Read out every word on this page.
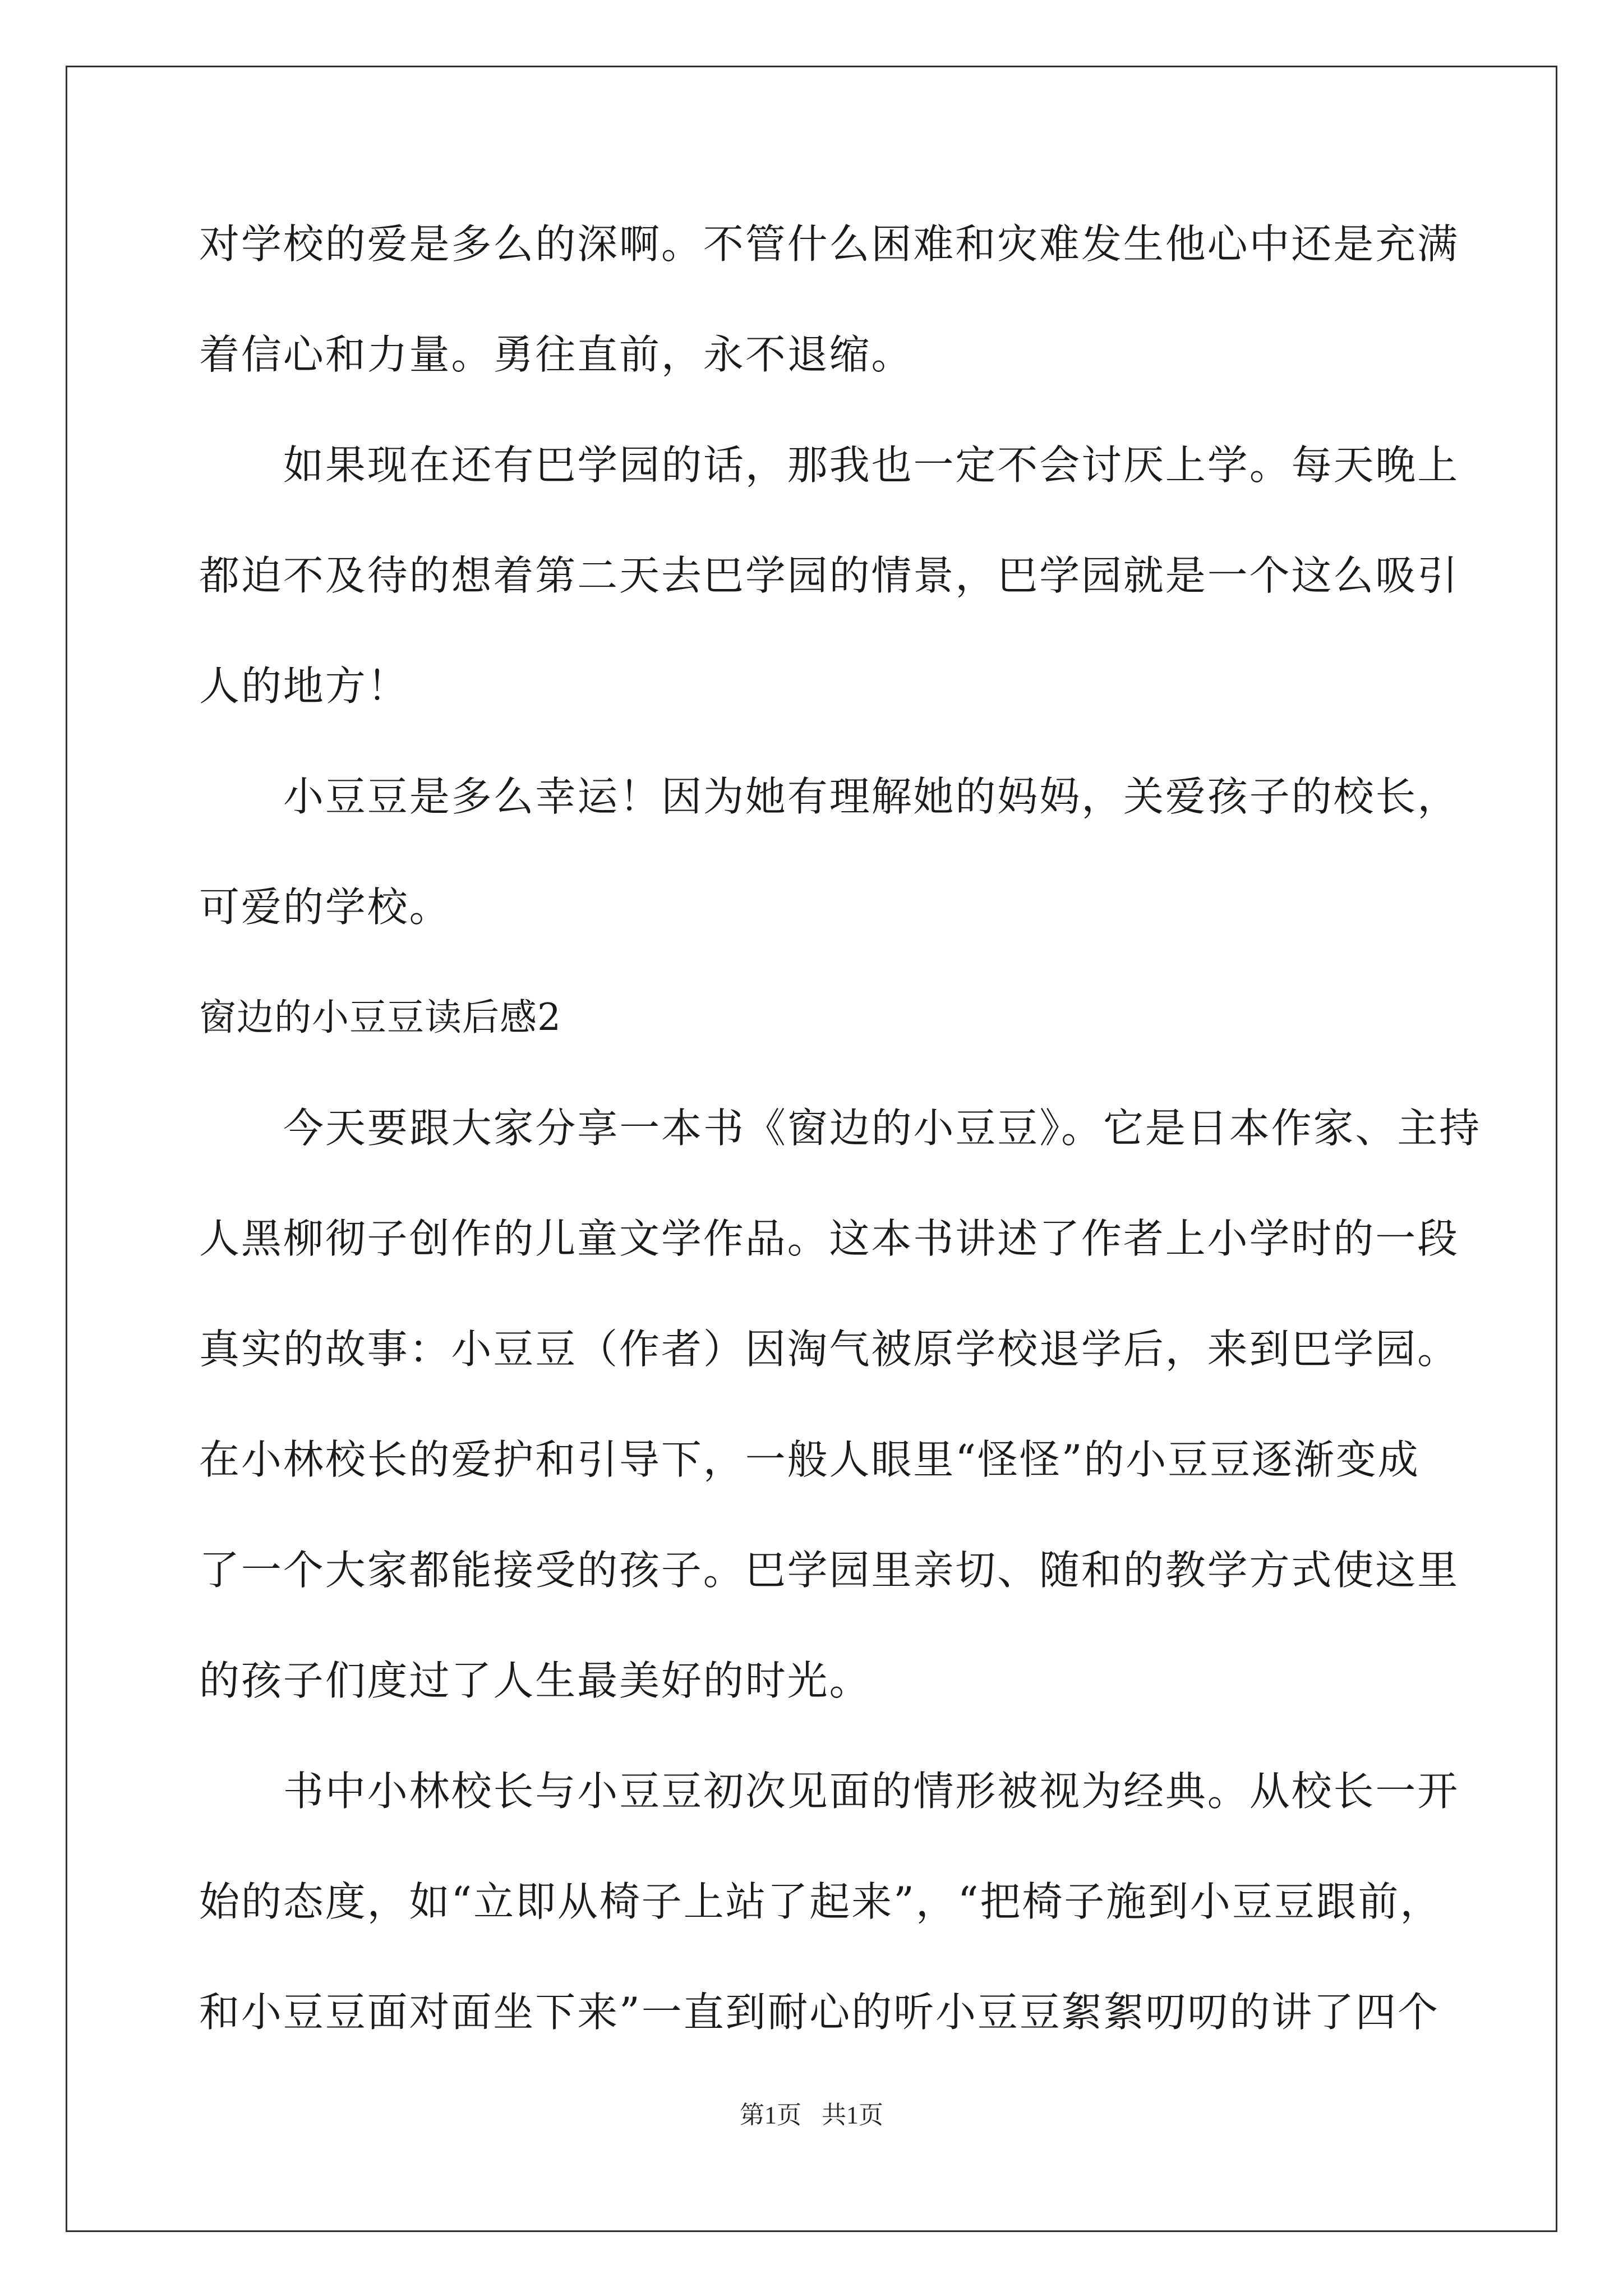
对学校的爱是多么的深啊。不管什么困难和灾难发生他心中还是充满

着信心和力量。勇往直前，永不退缩。

如果现在还有巴学园的话，那我也一定不会讨厌上学。每天晚上

都迫不及待的想着第二天去巴学园的情景，巴学园就是一个这么吸引

人的地方！

小豆豆是多么幸运！因为她有理解她的妈妈，关爱孩子的校长，

可爱的学校。

窗边的小豆豆读后感2

今天要跟大家分享一本书《窗边的小豆豆》。它是日本作家、主持

人黑柳彻子创作的儿童文学作品。这本书讲述了作者上小学时的一段

真实的故事：小豆豆（作者）因淘气被原学校退学后，来到巴学园。

在小林校长的爱护和引导下，一般人眼里“怪怪”的小豆豆逐渐变成

了一个大家都能接受的孩子。巴学园里亲切、随和的教学方式使这里

的孩子们度过了人生最美好的时光。

书中小林校长与小豆豆初次见面的情形被视为经典。从校长一开

始的态度，如“立即从椅子上站了起来”，“把椅子施到小豆豆跟前，

和小豆豆面对面坐下来”一直到耐心的听小豆豆絮絮叨叨的讲了四个

第1页 共1页
